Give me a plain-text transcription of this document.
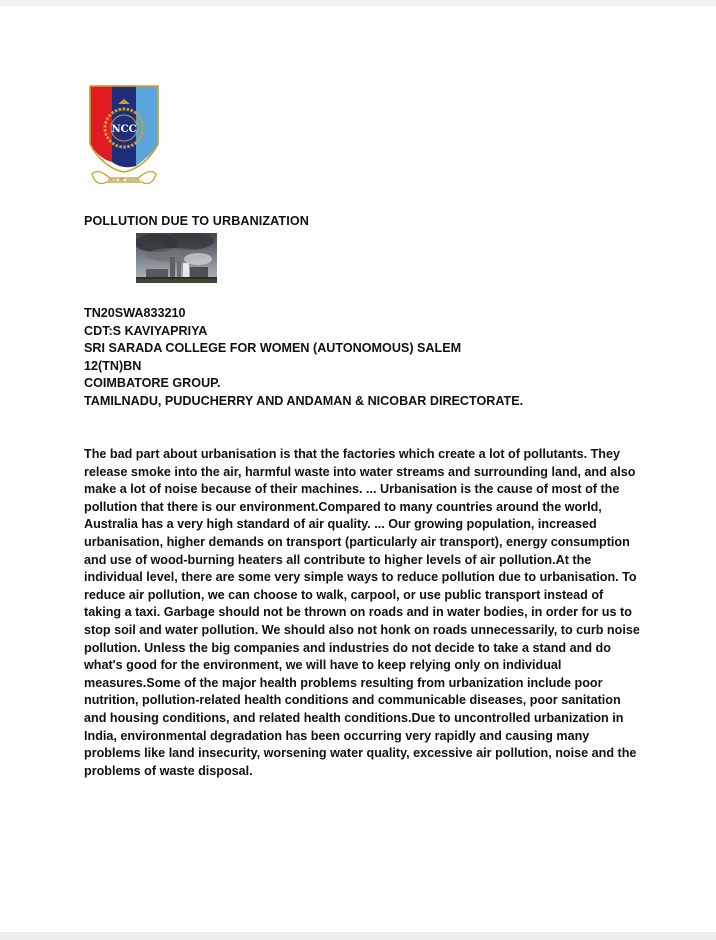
NCC
एकता और अनुशासन
POLLUTION DUE TO URBANIZATION
TN20SWA833210
CDT:S KAVIYAPRIYA
SRI SARADA COLLEGE FOR WOMEN (AUTONOMOUS) SALEM
12(TN)BN
COIMBATORE GROUP.
TAMILNADU, PUDUCHERRY AND ANDAMAN & NICOBAR DIRECTORATE.

The bad part about urbanisation is that the factories which create a lot of pollutants. They release smoke into the air, harmful waste into water streams and surrounding land, and also make a lot of noise because of their machines. ... Urbanisation is the cause of most of the pollution that there is our environment.Compared to many countries around the world, Australia has a very high standard of air quality. ... Our growing population, increased urbanisation, higher demands on transport (particularly air transport), energy consumption and use of wood-burning heaters all contribute to higher levels of air pollution.At the individual level, there are some very simple ways to reduce pollution due to urbanisation. To reduce air pollution, we can choose to walk, carpool, or use public transport instead of taking a taxi. Garbage should not be thrown on roads and in water bodies, in order for us to stop soil and water pollution. We should also not honk on roads unnecessarily, to curb noise pollution. Unless the big companies and industries do not decide to take a stand and do what's good for the environment, we will have to keep relying only on individual measures.Some of the major health problems resulting from urbanization include poor nutrition, pollution-related health conditions and communicable diseases, poor sanitation and housing conditions, and related health conditions.Due to uncontrolled urbanization in India, environmental degradation has been occurring very rapidly and causing many problems like land insecurity, worsening water quality, excessive air pollution, noise and the problems of waste disposal.
